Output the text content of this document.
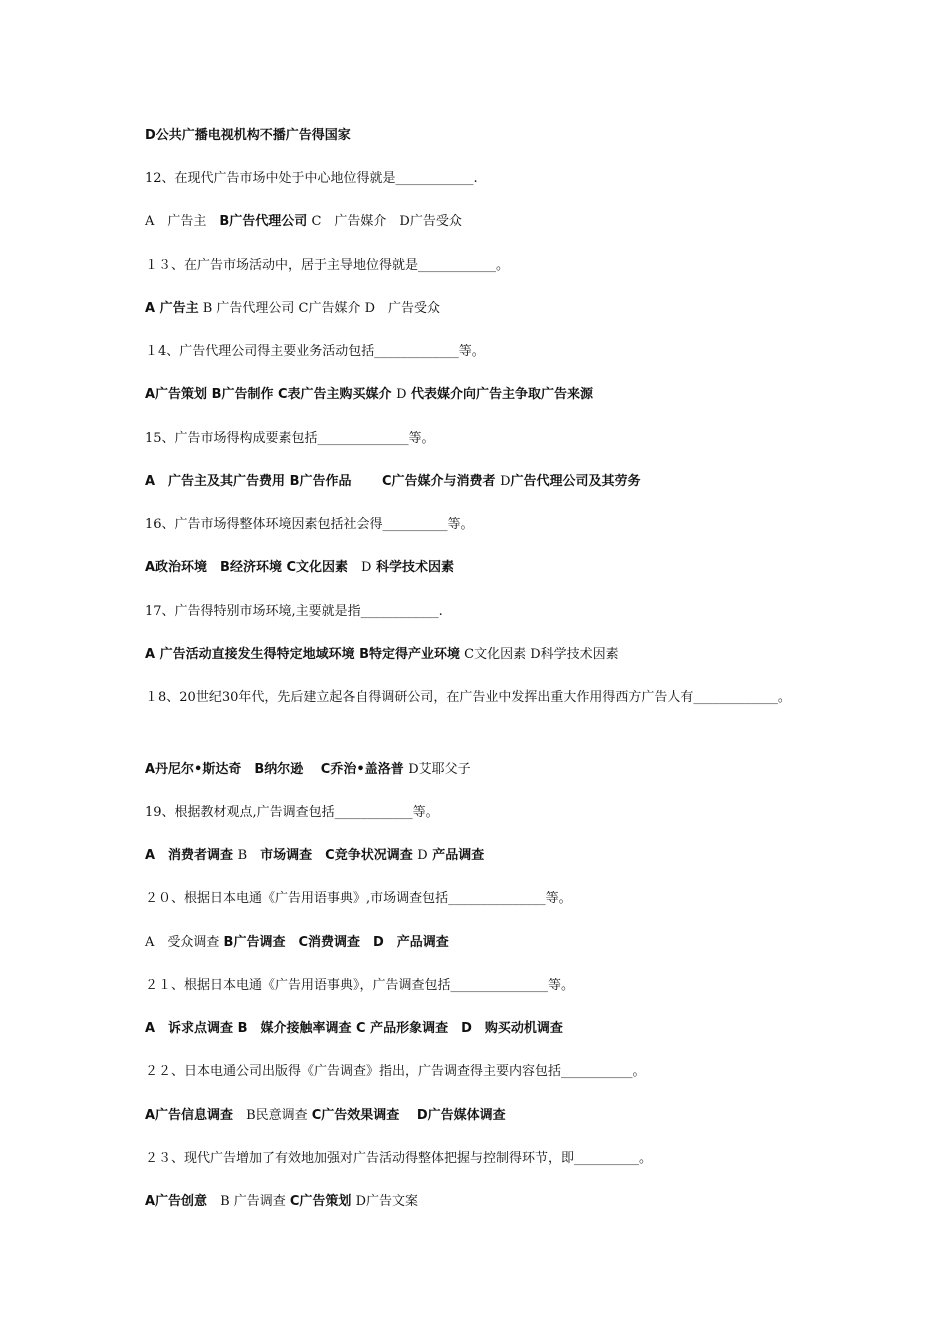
D公共广播电视机构不播广告得国家
12、在现代广告市场中处于中心地位得就是____________.
A　广告主　B广告代理公司 C　广告媒介　D广告受众
１３、在广告市场活动中，居于主导地位得就是____________。
A 广告主 B 广告代理公司 C广告媒介 D　广告受众
１4、广告代理公司得主要业务活动包括_____________等。
A广告策划 B广告制作 C表广告主购买媒介 D 代表媒介向广告主争取广告来源
15、广告市场得构成要素包括______________等。
A　广告主及其广告费用 B广告作品　　 C广告媒介与消费者 D广告代理公司及其劳务
16、广告市场得整体环境因素包括社会得__________等。
A政治环境　B经济环境 C文化因素　D 科学技术因素
17、广告得特别市场环境,主要就是指____________.
A 广告活动直接发生得特定地域环境 B特定得产业环境 C文化因素 D科学技术因素
１8、20世纪30年代，先后建立起各自得调研公司，在广告业中发挥出重大作用得西方广告人有_____________。
A丹尼尔•斯达奇　B纳尔逊　 C乔治•盖洛普 D艾耶父子
19、根据教材观点,广告调查包括____________等。
A　消费者调查 B　市场调查　C竞争状况调查 D 产品调查
２０、根据日本电通《广告用语事典》,市场调查包括_______________等。
A　受众调查 B广告调查　C消费调查　D　产品调查
２１、根据日本电通《广告用语事典》，广告调查包括_______________等。
A　诉求点调查 B　媒介接触率调查 C 产品形象调查　D　购买动机调查
２２、日本电通公司出版得《广告调查》指出，广告调查得主要内容包括___________。
A广告信息调查　B民意调查 C广告效果调查　 D广告媒体调查
２３、现代广告增加了有效地加强对广告活动得整体把握与控制得环节，即__________。
A广告创意　B 广告调查 C广告策划 D广告文案
